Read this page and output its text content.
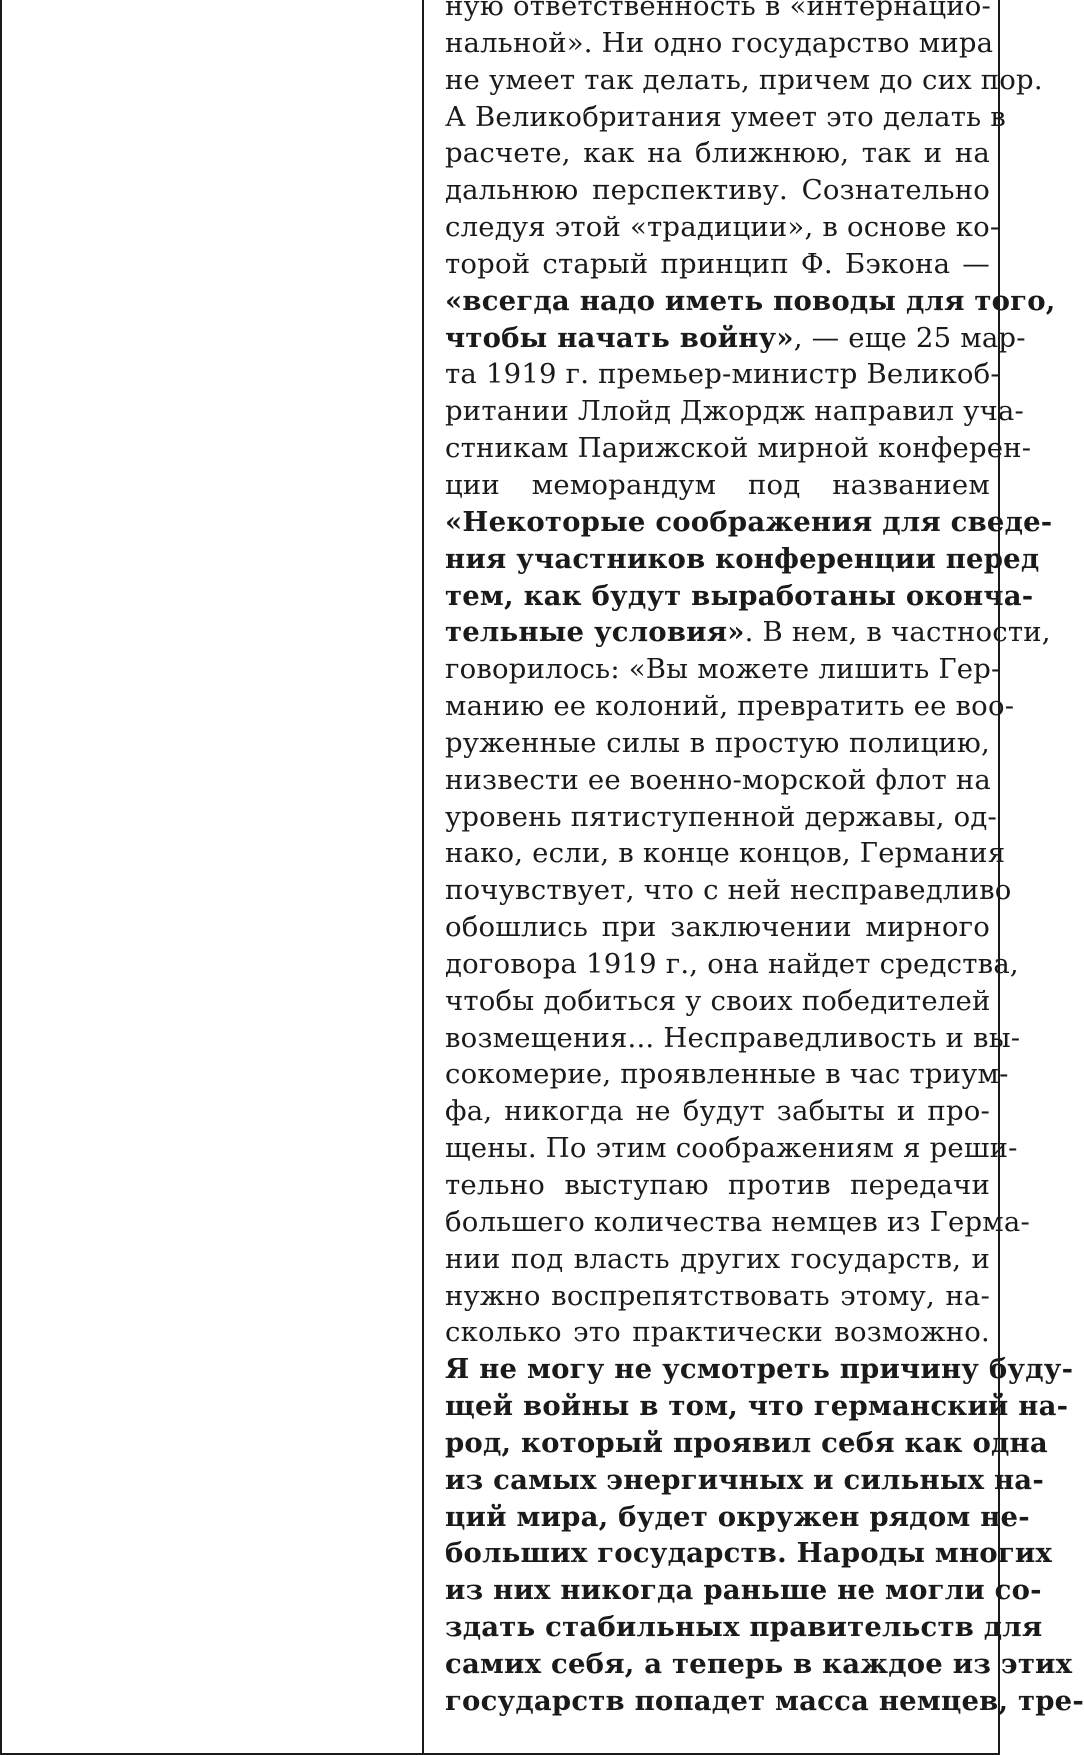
ную ответственность в «интернацио-
нальной». Ни одно государство мира
не умеет так делать, причем до сих пор.
А Великобритания умеет это делать в
расчете, как на ближнюю, так и на
дальнюю перспективу. Сознательно
следуя этой «традиции», в основе ко-
торой старый принцип Ф. Бэкона —
«всегда надо иметь поводы для того,
чтобы начать войну», — еще 25 мар-
та 1919 г. премьер-министр Великоб-
ритании Ллойд Джордж направил уча-
стникам Парижской мирной конферен-
ции меморандум под названием
«Некоторые соображения для сведе-
ния участников конференции перед
тем, как будут выработаны оконча-
тельные условия». В нем, в частности,
говорилось: «Вы можете лишить Гер-
манию ее колоний, превратить ее воо-
руженные силы в простую полицию,
низвести ее военно-морской флот на
уровень пятиступенной державы, од-
нако, если, в конце концов, Германия
почувствует, что с ней несправедливо
обошлись при заключении мирного
договора 1919 г., она найдет средства,
чтобы добиться у своих победителей
возмещения... Несправедливость и вы-
сокомерие, проявленные в час триум-
фа, никогда не будут забыты и про-
щены. По этим соображениям я реши-
тельно выступаю против передачи
большего количества немцев из Герма-
нии под власть других государств, и
нужно воспрепятствовать этому, на-
сколько это практически возможно.
Я не могу не усмотреть причину буду-
щей войны в том, что германский на-
род, который проявил себя как одна
из самых энергичных и сильных на-
ций мира, будет окружен рядом не-
больших государств. Народы многих
из них никогда раньше не могли со-
здать стабильных правительств для
самих себя, а теперь в каждое из этих
государств попадет масса немцев, тре-
